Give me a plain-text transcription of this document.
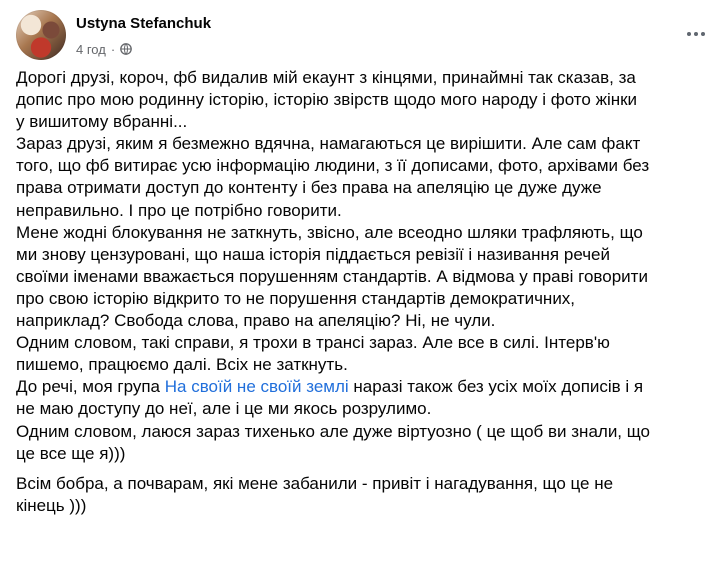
Ustyna Stefanchuk
4 год ·

Дорогі друзі, короч, фб видалив мій екаунт з кінцями, принаймні так сказав, за

допис про мою родинну історію, історію звірств щодо мого народу і фото жінки

у вишитому вбранні...

Зараз друзі, яким я безмежно вдячна, намагаються це вирішити. Але сам факт

того, що фб витирає усю інформацію людини, з її дописами, фото, архівами без

права отримати доступ до контенту і без права на апеляцію це дуже дуже

неправильно. І про це потрібно говорити.

Мене жодні блокування не заткнуть, звісно, але всеодно шляки трафляють, що

ми знову цензуровані, що наша історія піддається ревізії і називання речей

своїми іменами вважається порушенням стандартів. А відмова у праві говорити

про свою історію відкрито то не порушення стандартів демократичних,

наприклад? Свобода слова, право на апеляцію? Ні, не чули.

Одним словом, такі справи, я трохи в трансі зараз. Але все в силі. Інтерв'ю

пишемо, працюємо далі. Всіх не заткнуть.

До речі, моя група На своїй не своїй землі наразі також без усіх моїх дописів і я

не маю доступу до неї, але і це ми якось розрулимо.

Одним словом, лаюся зараз тихенько але дуже віртуозно ( це щоб ви знали, що

це все ще я)))

Всім бобра, а почварам, які мене забанили - привіт і нагадування, що це не

кінець )))
